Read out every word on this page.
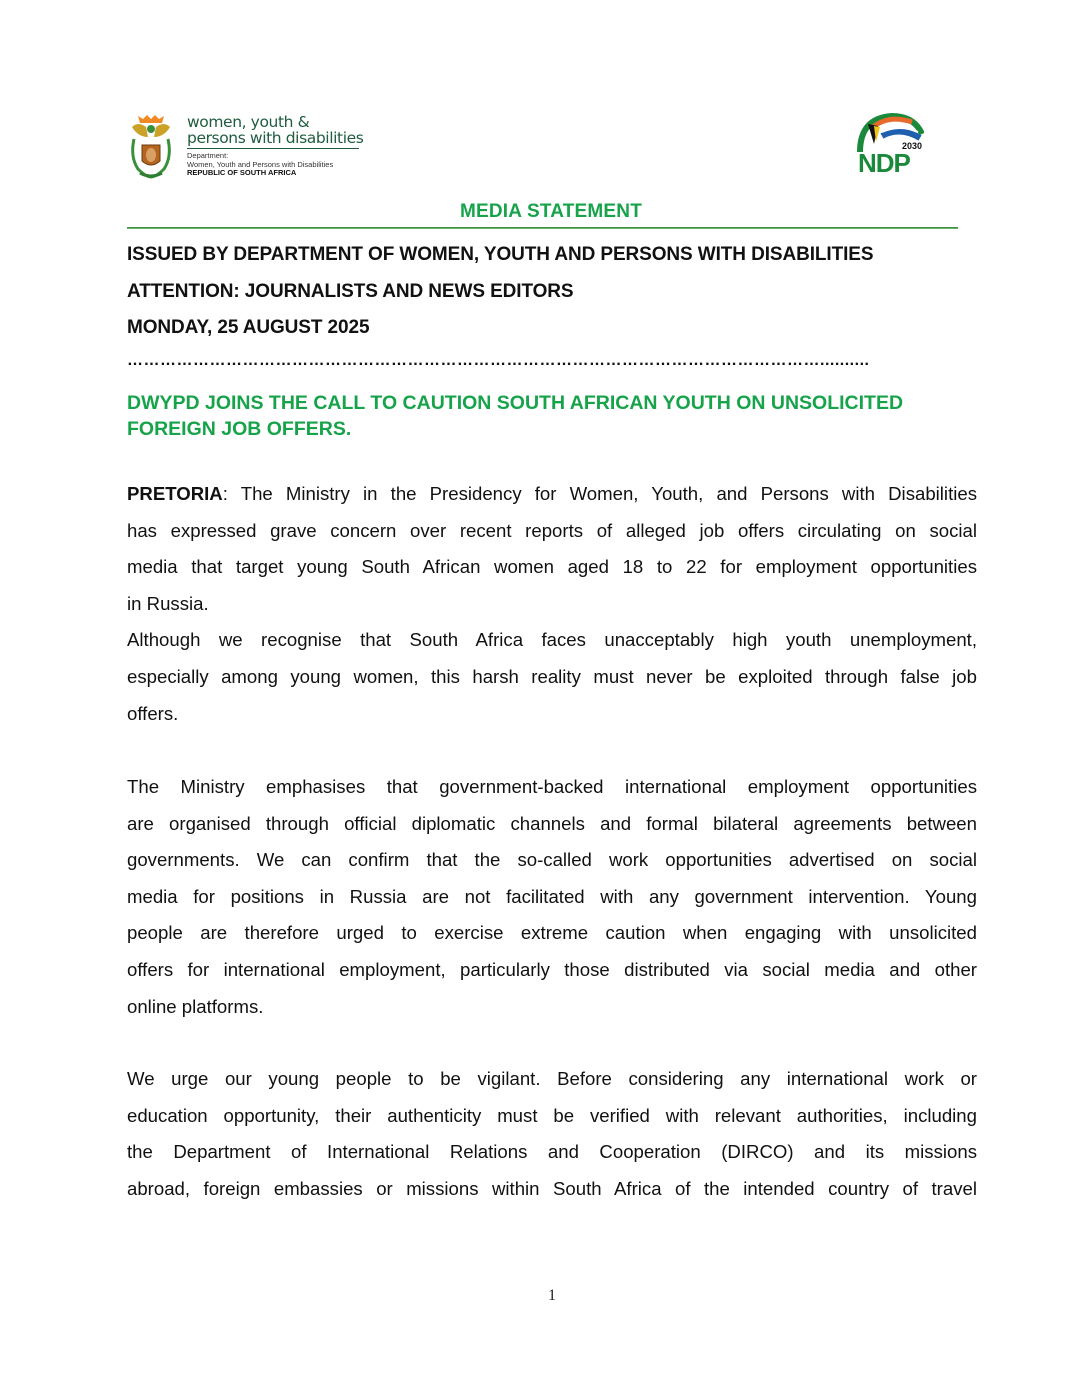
women, youth &
persons with disabilities
Department:
Women, Youth and Persons with Disabilities
REPUBLIC OF SOUTH AFRICA
2030
NDP
MEDIA STATEMENT
ISSUED BY DEPARTMENT OF WOMEN, YOUTH AND PERSONS WITH DISABILITIES
ATTENTION: JOURNALISTS AND NEWS EDITORS
MONDAY, 25 AUGUST 2025
………………………………………………………………………………………………………………..........
DWYPD JOINS THE CALL TO CAUTION SOUTH AFRICAN YOUTH ON UNSOLICITED FOREIGN JOB OFFERS.
PRETORIA: The Ministry in the Presidency for Women, Youth, and Persons with Disabilities
has expressed grave concern over recent reports of alleged job offers circulating on social
media that target young South African women aged 18 to 22 for employment opportunities
in Russia.
Although we recognise that South Africa faces unacceptably high youth unemployment,
especially among young women, this harsh reality must never be exploited through false job
offers.
The Ministry emphasises that government-backed international employment opportunities
are organised through official diplomatic channels and formal bilateral agreements between
governments. We can confirm that the so-called work opportunities advertised on social
media for positions in Russia are not facilitated with any government intervention. Young
people are therefore urged to exercise extreme caution when engaging with unsolicited
offers for international employment, particularly those distributed via social media and other
online platforms.
We urge our young people to be vigilant. Before considering any international work or
education opportunity, their authenticity must be verified with relevant authorities, including
the Department of International Relations and Cooperation (DIRCO) and its missions
abroad, foreign embassies or missions within South Africa of the intended country of travel
1
